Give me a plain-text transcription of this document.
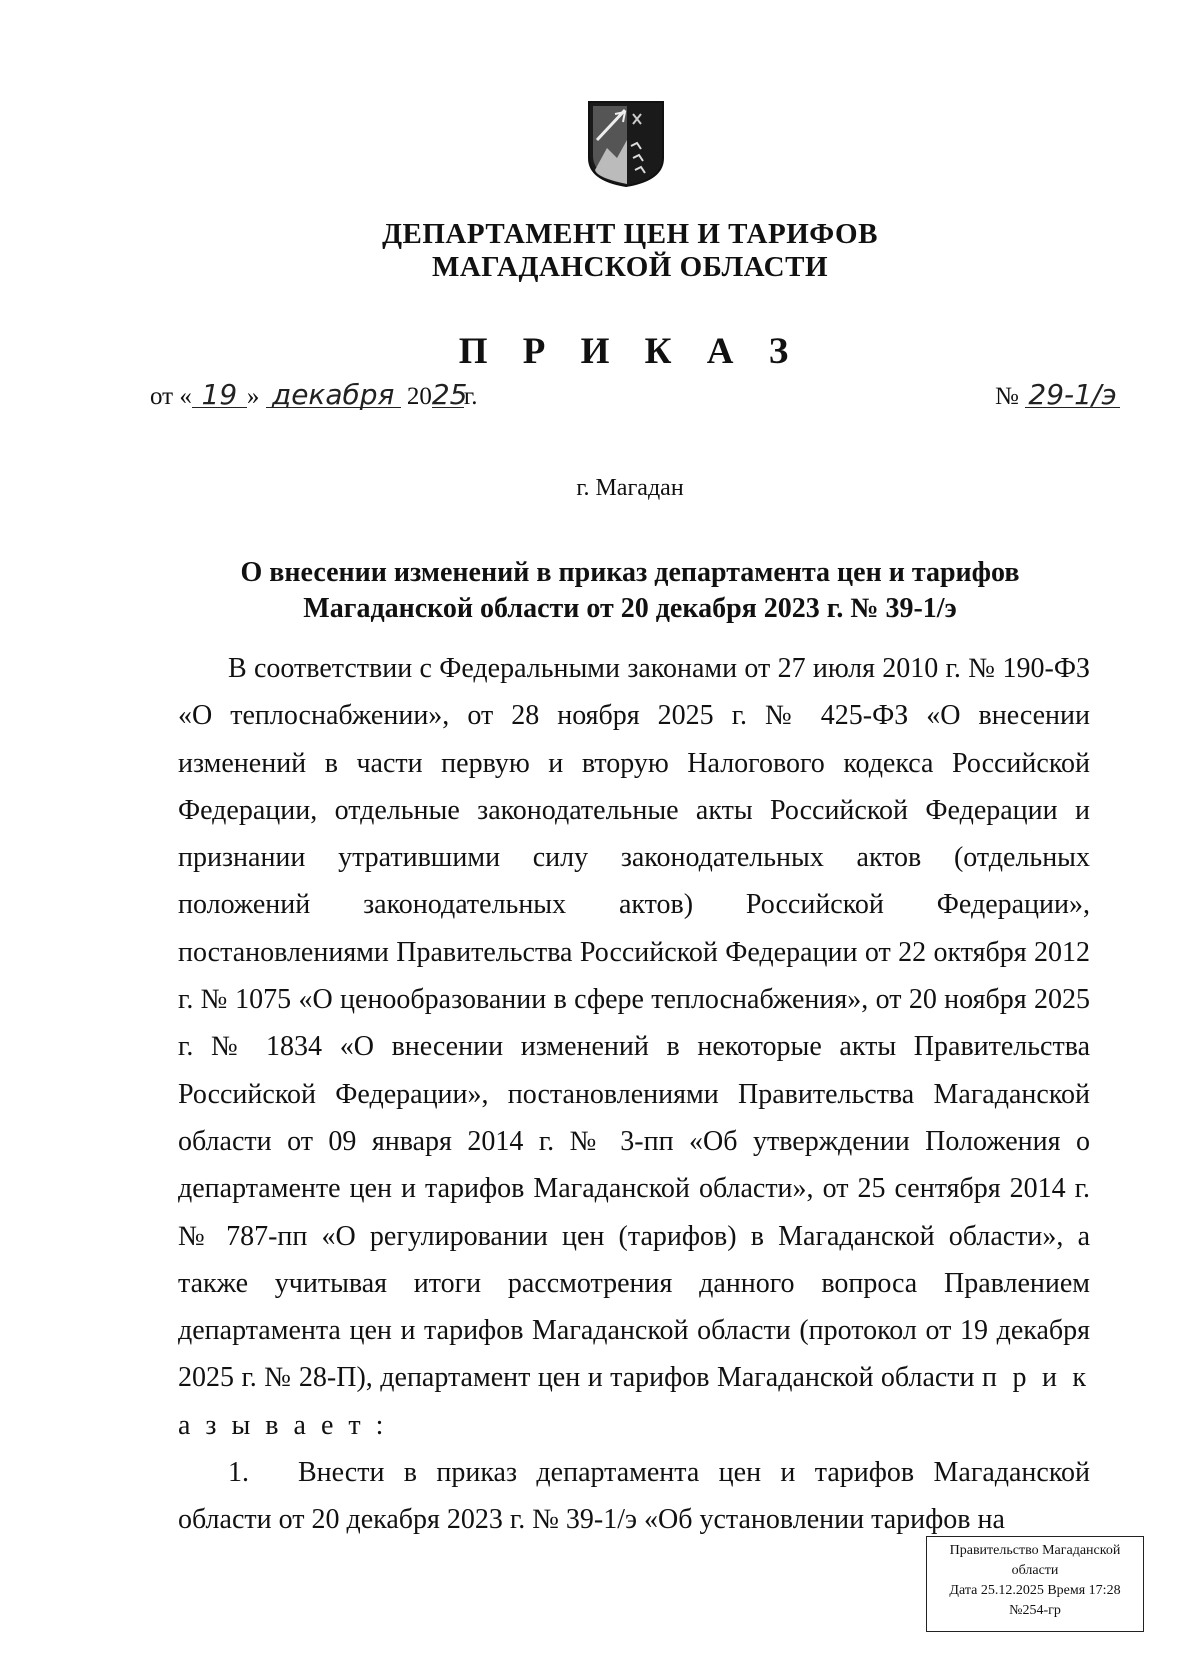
ДЕПАРТАМЕНТ ЦЕН И ТАРИФОВ
МАГАДАНСКОЙ ОБЛАСТИ
П Р И К А З
от « 19 » декабря 2025г.	№ 29-1/э
г. Магадан
О внесении изменений в приказ департамента цен и тарифов
Магаданской области от 20 декабря 2023 г. № 39-1/э

В соответствии с Федеральными законами от 27 июля 2010 г. № 190-ФЗ «О теплоснабжении», от 28 ноября 2025 г. № 425-ФЗ «О внесении изменений в части первую и вторую Налогового кодекса Российской Федерации, отдельные законодательные акты Российской Федерации и признании утратившими силу законодательных актов (отдельных положений законодательных актов) Российской Федерации», постановлениями Правительства Российской Федерации от 22 октября 2012 г. № 1075 «О ценообразовании в сфере теплоснабжения», от 20 ноября 2025 г. № 1834 «О внесении изменений в некоторые акты Правительства Российской Федерации», постановлениями Правительства Магаданской области от 09 января 2014 г. № 3-пп «Об утверждении Положения о департаменте цен и тарифов Магаданской области», от 25 сентября 2014 г. № 787-пп «О регулировании цен (тарифов) в Магаданской области», а также учитывая итоги рассмотрения данного вопроса Правлением департамента цен и тарифов Магаданской области (протокол от 19 декабря 2025 г. № 28-П), департамент цен и тарифов Магаданской области п р и к а з ы в а е т :

1. Внести в приказ департамента цен и тарифов Магаданской области от 20 декабря 2023 г. № 39-1/э «Об установлении тарифов на

Правительство Магаданской
области
Дата 25.12.2025 Время 17:28
№254-гр
